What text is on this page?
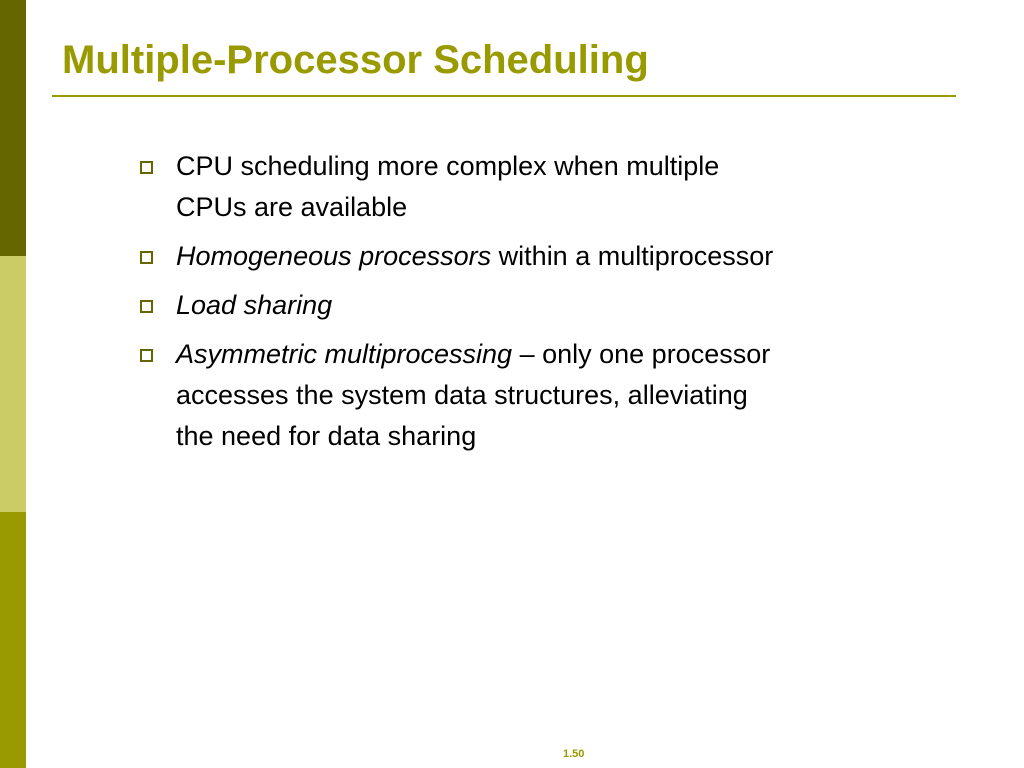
Multiple-Processor Scheduling
CPU scheduling more complex when multiple CPUs are available
Homogeneous processors within a multiprocessor
Load sharing
Asymmetric multiprocessing – only one processor accesses the system data structures, alleviating the need for data sharing
1.50
